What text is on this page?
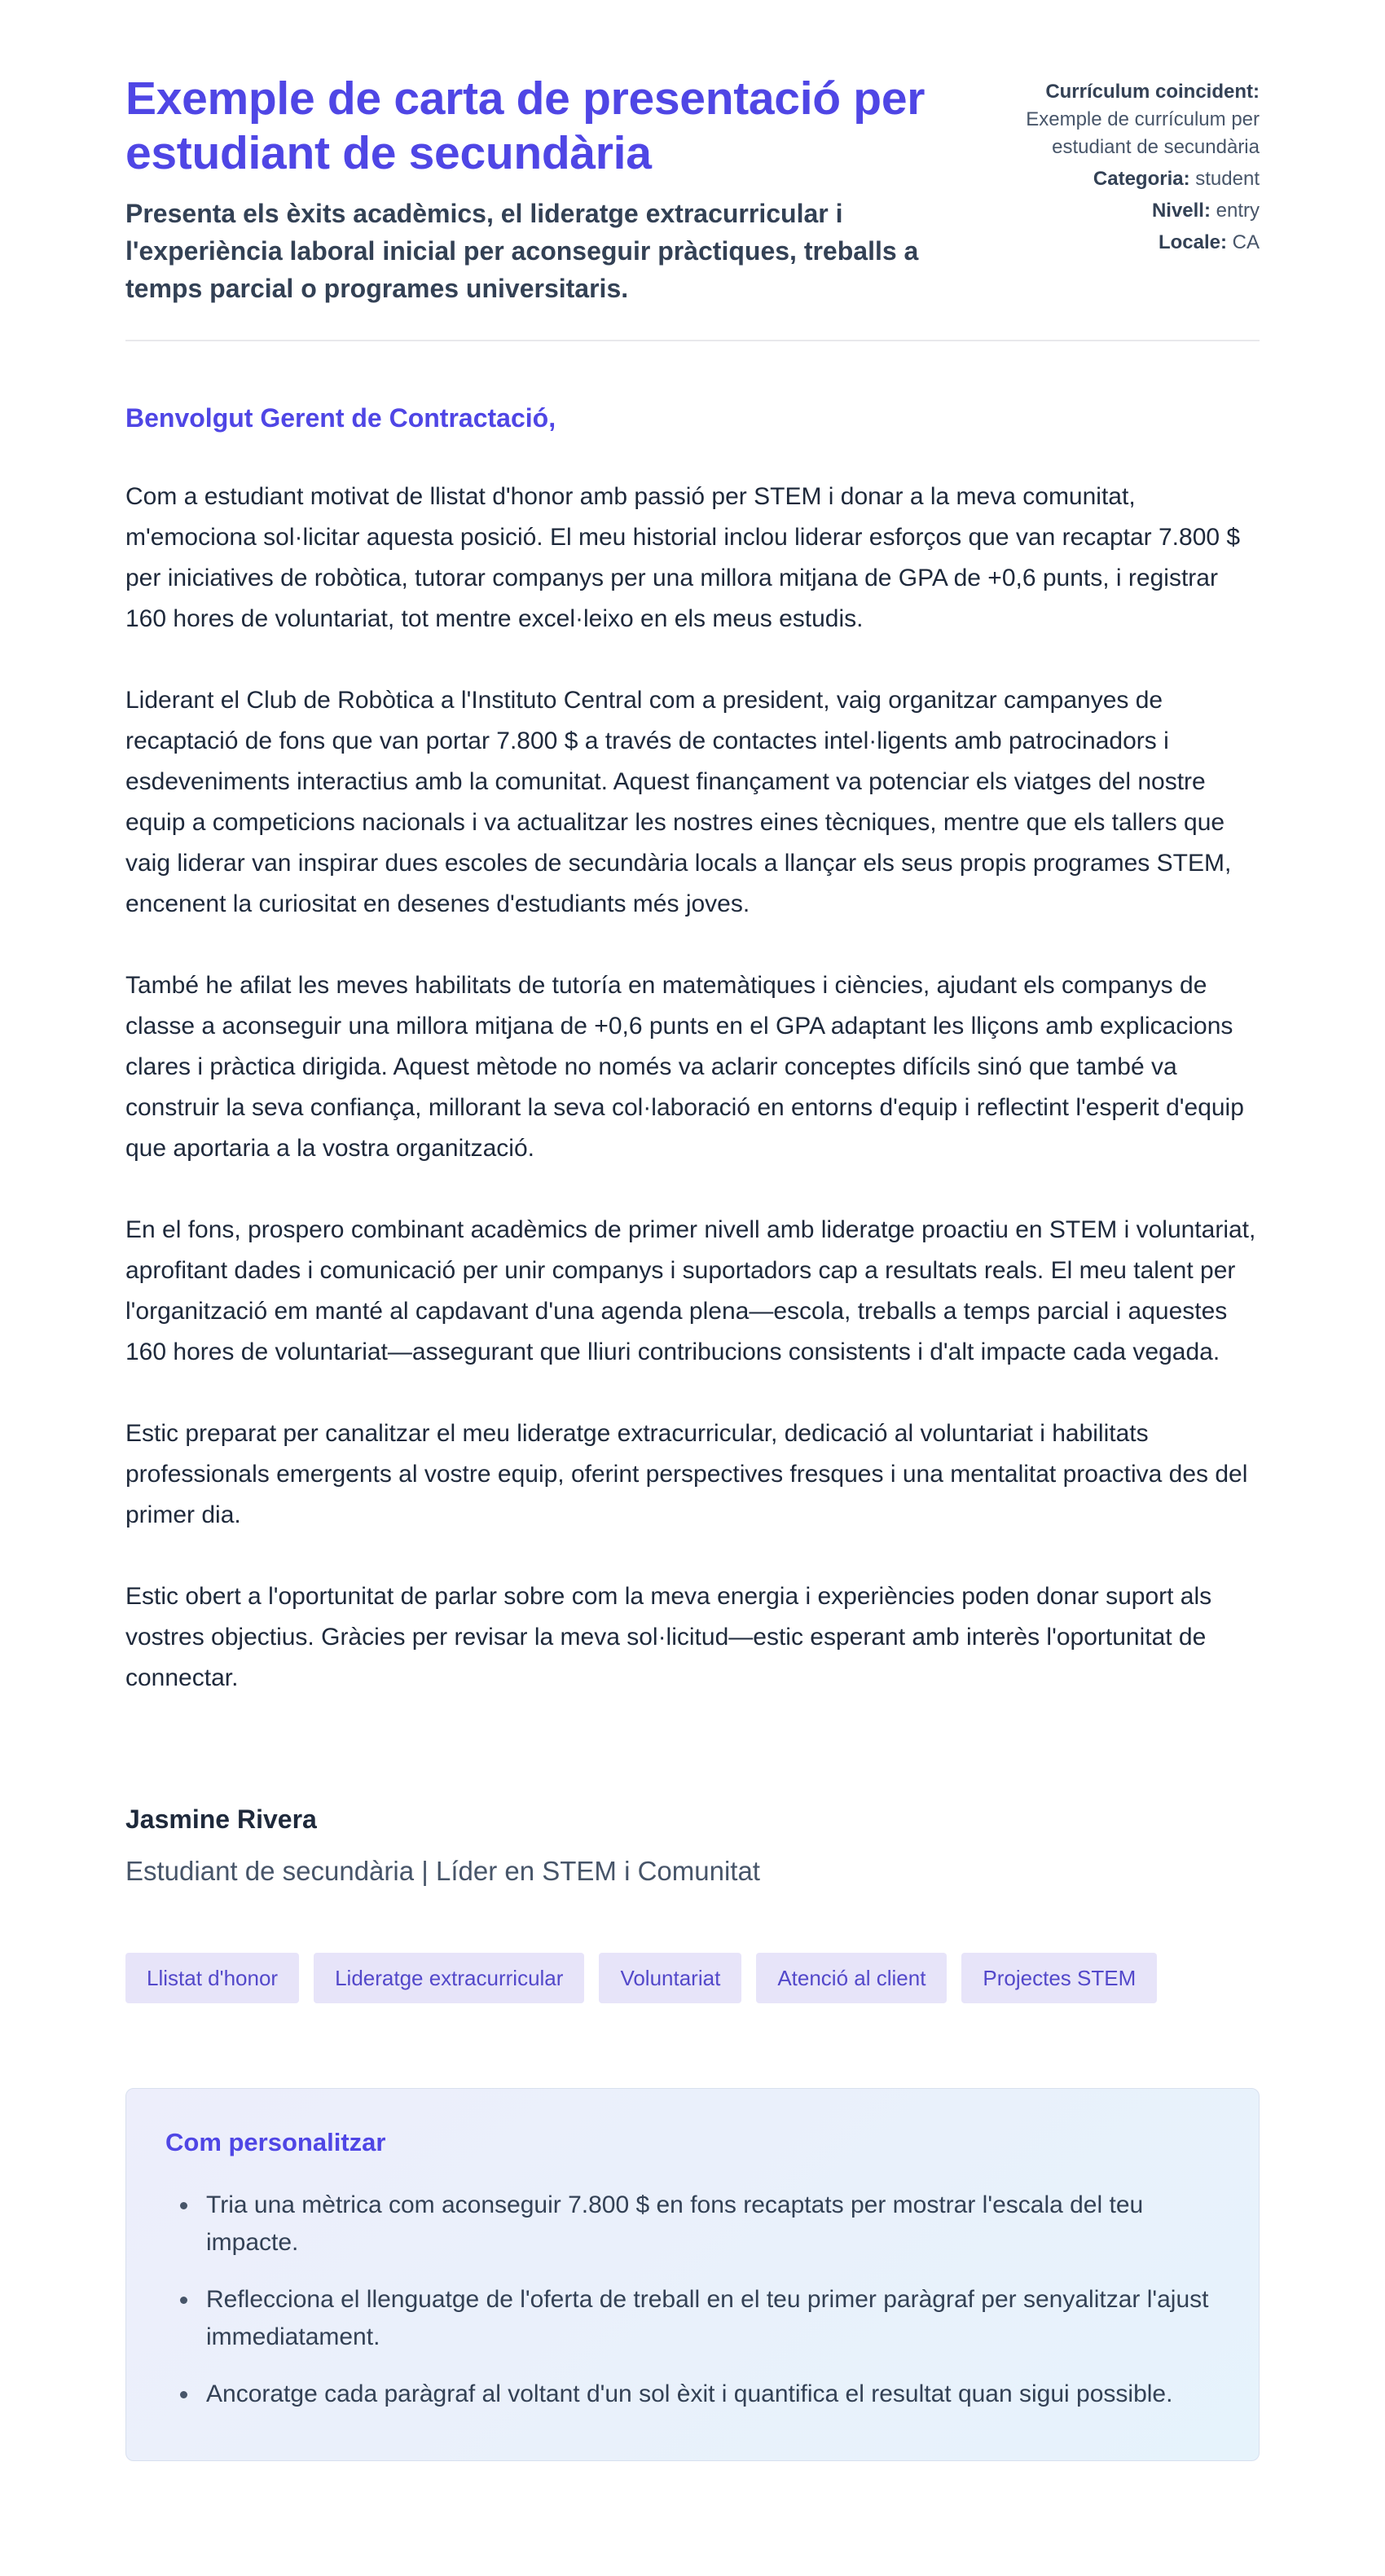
Exemple de carta de presentació per estudiant de secundària

Presenta els èxits acadèmics, el lideratge extracurricular i l'experiència laboral inicial per aconseguir pràctiques, treballs a temps parcial o programes universitaris.

Currículum coincident:
Exemple de currículum per estudiant de secundària
Categoria: student
Nivell: entry
Locale: CA

Benvolgut Gerent de Contractació,

Com a estudiant motivat de llistat d'honor amb passió per STEM i donar a la meva comunitat, m'emociona sol·licitar aquesta posició. El meu historial inclou liderar esforços que van recaptar 7.800 $ per iniciatives de robòtica, tutorar companys per una millora mitjana de GPA de +0,6 punts, i registrar 160 hores de voluntariat, tot mentre excel·leixo en els meus estudis.

Liderant el Club de Robòtica a l'Instituto Central com a president, vaig organitzar campanyes de recaptació de fons que van portar 7.800 $ a través de contactes intel·ligents amb patrocinadors i esdeveniments interactius amb la comunitat. Aquest finançament va potenciar els viatges del nostre equip a competicions nacionals i va actualitzar les nostres eines tècniques, mentre que els tallers que vaig liderar van inspirar dues escoles de secundària locals a llançar els seus propis programes STEM, encenent la curiositat en desenes d'estudiants més joves.

També he afilat les meves habilitats de tutoría en matemàtiques i ciències, ajudant els companys de classe a aconseguir una millora mitjana de +0,6 punts en el GPA adaptant les lliçons amb explicacions clares i pràctica dirigida. Aquest mètode no només va aclarir conceptes difícils sinó que també va construir la seva confiança, millorant la seva col·laboració en entorns d'equip i reflectint l'esperit d'equip que aportaria a la vostra organització.

En el fons, prospero combinant acadèmics de primer nivell amb lideratge proactiu en STEM i voluntariat, aprofitant dades i comunicació per unir companys i suportadors cap a resultats reals. El meu talent per l'organització em manté al capdavant d'una agenda plena—escola, treballs a temps parcial i aquestes 160 hores de voluntariat—assegurant que lliuri contribucions consistents i d'alt impacte cada vegada.

Estic preparat per canalitzar el meu lideratge extracurricular, dedicació al voluntariat i habilitats professionals emergents al vostre equip, oferint perspectives fresques i una mentalitat proactiva des del primer dia.

Estic obert a l'oportunitat de parlar sobre com la meva energia i experiències poden donar suport als vostres objectius. Gràcies per revisar la meva sol·licitud—estic esperant amb interès l'oportunitat de connectar.

Jasmine Rivera

Estudiant de secundària | Líder en STEM i Comunitat

Llistat d'honor	Lideratge extracurricular	Voluntariat	Atenció al client	Projectes STEM
Com personalitzar
• Tria una mètrica com aconseguir 7.800 $ en fons recaptats per mostrar l'escala del teu impacte.
• Reflecciona el llenguatge de l'oferta de treball en el teu primer paràgraf per senyalitzar l'ajust immediatament.
• Ancoratge cada paràgraf al voltant d'un sol èxit i quantifica el resultat quan sigui possible.
